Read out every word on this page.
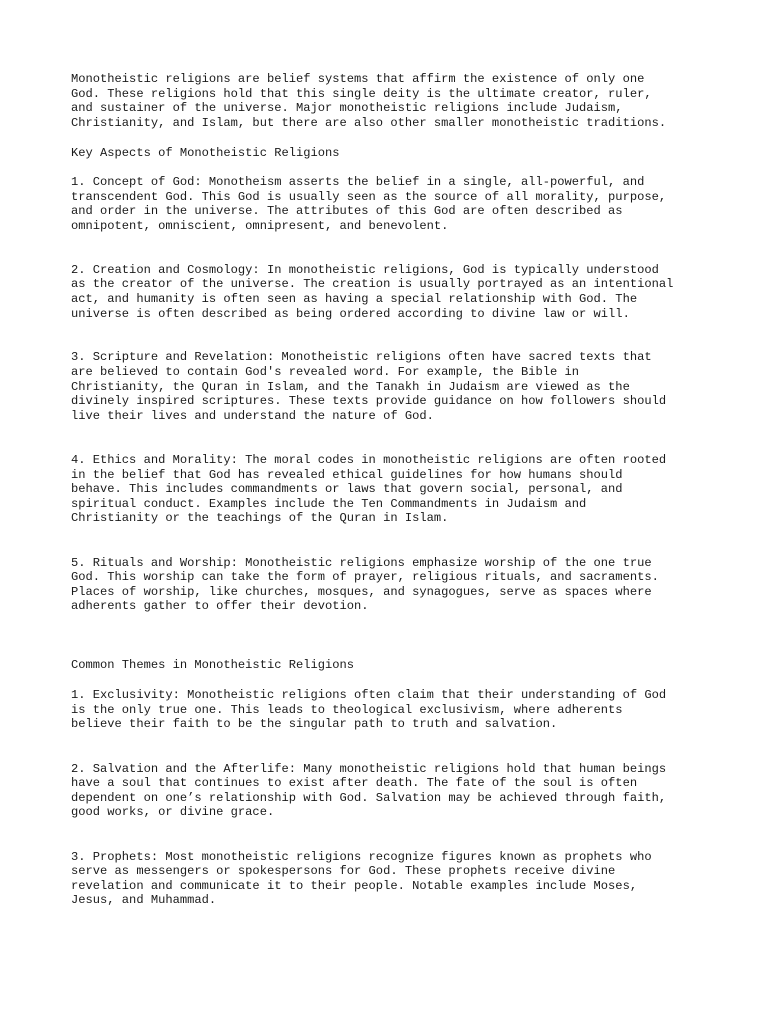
Monotheistic religions are belief systems that affirm the existence of only one

God. These religions hold that this single deity is the ultimate creator, ruler,

and sustainer of the universe. Major monotheistic religions include Judaism,

Christianity, and Islam, but there are also other smaller monotheistic traditions.

Key Aspects of Monotheistic Religions

1. Concept of God: Monotheism asserts the belief in a single, all-powerful, and

transcendent God. This God is usually seen as the source of all morality, purpose,

and order in the universe. The attributes of this God are often described as

omnipotent, omniscient, omnipresent, and benevolent.

2. Creation and Cosmology: In monotheistic religions, God is typically understood

as the creator of the universe. The creation is usually portrayed as an intentional

act, and humanity is often seen as having a special relationship with God. The

universe is often described as being ordered according to divine law or will.

3. Scripture and Revelation: Monotheistic religions often have sacred texts that

are believed to contain God's revealed word. For example, the Bible in

Christianity, the Quran in Islam, and the Tanakh in Judaism are viewed as the

divinely inspired scriptures. These texts provide guidance on how followers should

live their lives and understand the nature of God.

4. Ethics and Morality: The moral codes in monotheistic religions are often rooted

in the belief that God has revealed ethical guidelines for how humans should

behave. This includes commandments or laws that govern social, personal, and

spiritual conduct. Examples include the Ten Commandments in Judaism and

Christianity or the teachings of the Quran in Islam.

5. Rituals and Worship: Monotheistic religions emphasize worship of the one true

God. This worship can take the form of prayer, religious rituals, and sacraments.

Places of worship, like churches, mosques, and synagogues, serve as spaces where

adherents gather to offer their devotion.

Common Themes in Monotheistic Religions

1. Exclusivity: Monotheistic religions often claim that their understanding of God

is the only true one. This leads to theological exclusivism, where adherents

believe their faith to be the singular path to truth and salvation.

2. Salvation and the Afterlife: Many monotheistic religions hold that human beings

have a soul that continues to exist after death. The fate of the soul is often

dependent on one’s relationship with God. Salvation may be achieved through faith,

good works, or divine grace.

3. Prophets: Most monotheistic religions recognize figures known as prophets who

serve as messengers or spokespersons for God. These prophets receive divine

revelation and communicate it to their people. Notable examples include Moses,

Jesus, and Muhammad.
